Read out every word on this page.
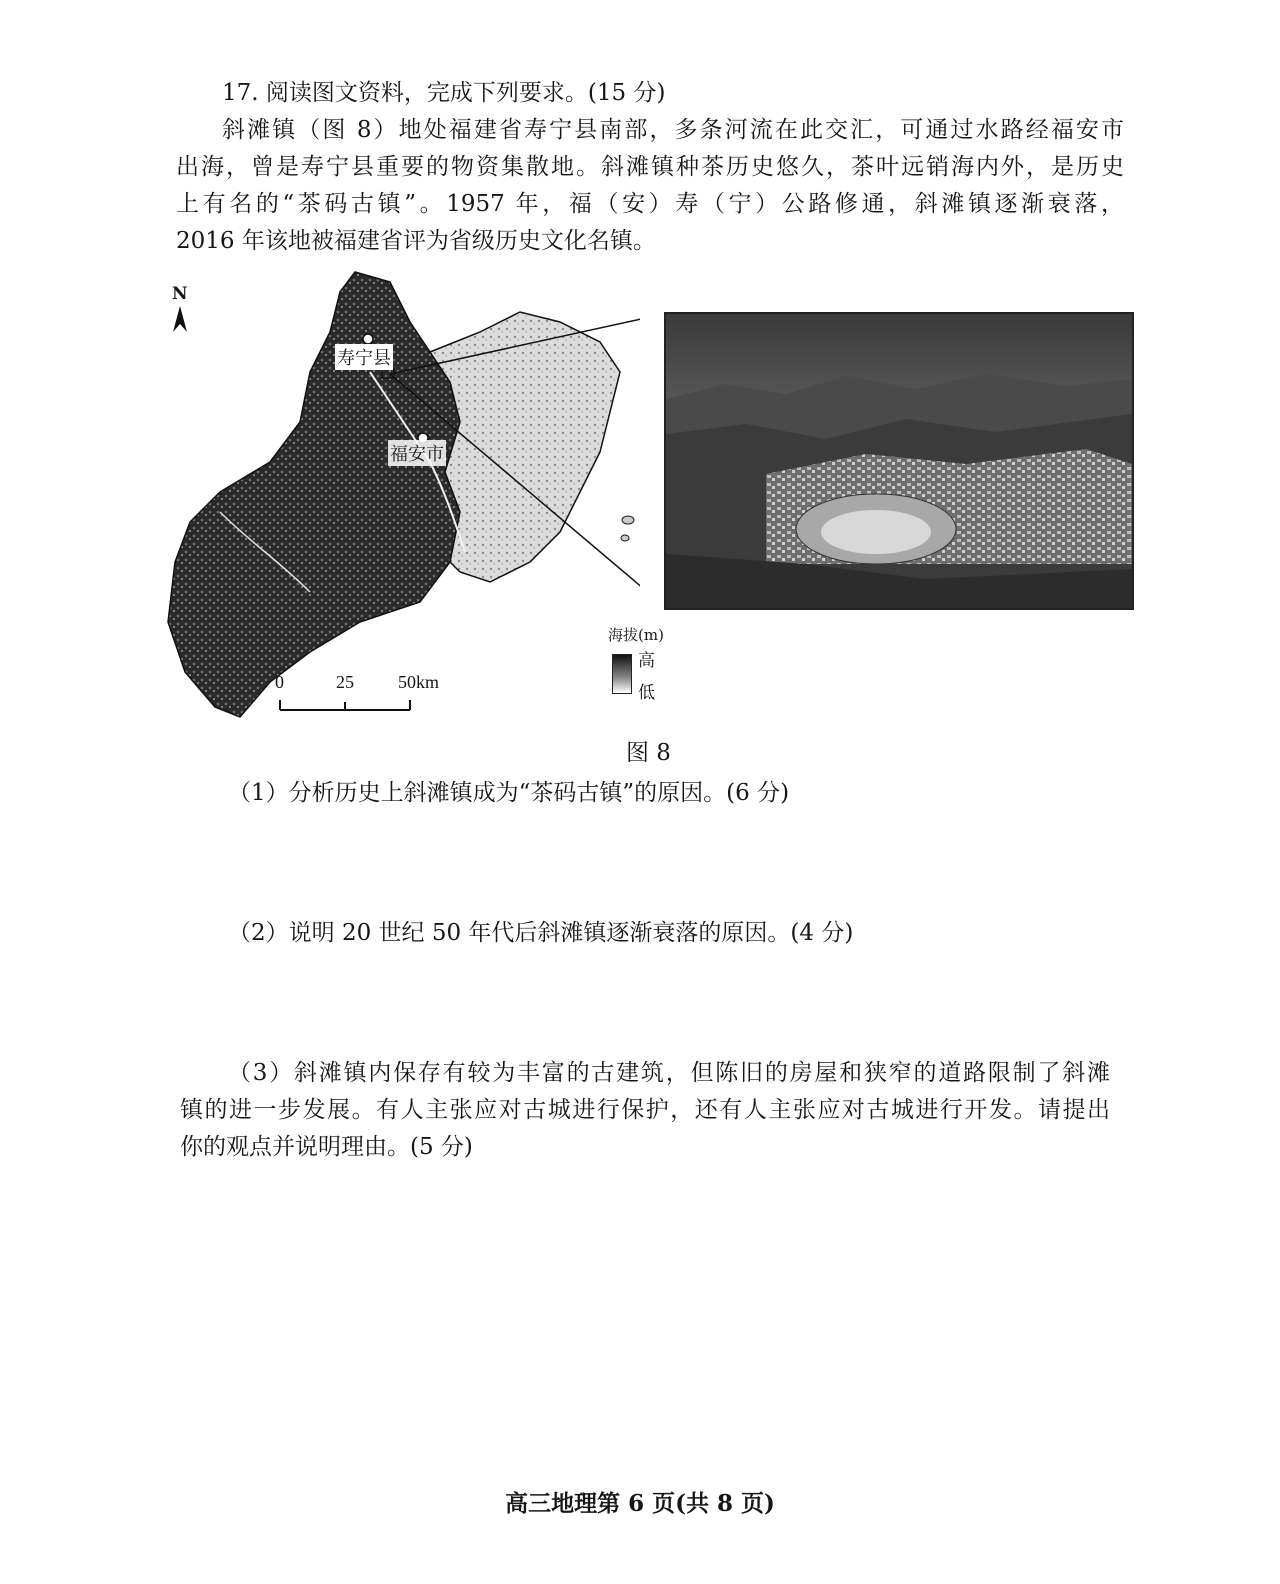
17. 阅读图文资料，完成下列要求。(15 分)
斜滩镇（图 8）地处福建省寿宁县南部，多条河流在此交汇，可通过水路经福安市
出海，曾是寿宁县重要的物资集散地。斜滩镇种茶历史悠久，茶叶远销海内外，是历史
上有名的“茶码古镇”。1957 年，福（安）寿（宁）公路修通，斜滩镇逐渐衰落，
2016 年该地被福建省评为省级历史文化名镇。
N
寿宁县
福安市
0	25 50km
海拔(m)
高
低
图 8
（1）分析历史上斜滩镇成为“茶码古镇”的原因。(6 分)
（2）说明 20 世纪 50 年代后斜滩镇逐渐衰落的原因。(4 分)
（3）斜滩镇内保存有较为丰富的古建筑，但陈旧的房屋和狭窄的道路限制了斜滩
镇的进一步发展。有人主张应对古城进行保护，还有人主张应对古城进行开发。请提出
你的观点并说明理由。(5 分)
高三地理第 6 页(共 8 页)
